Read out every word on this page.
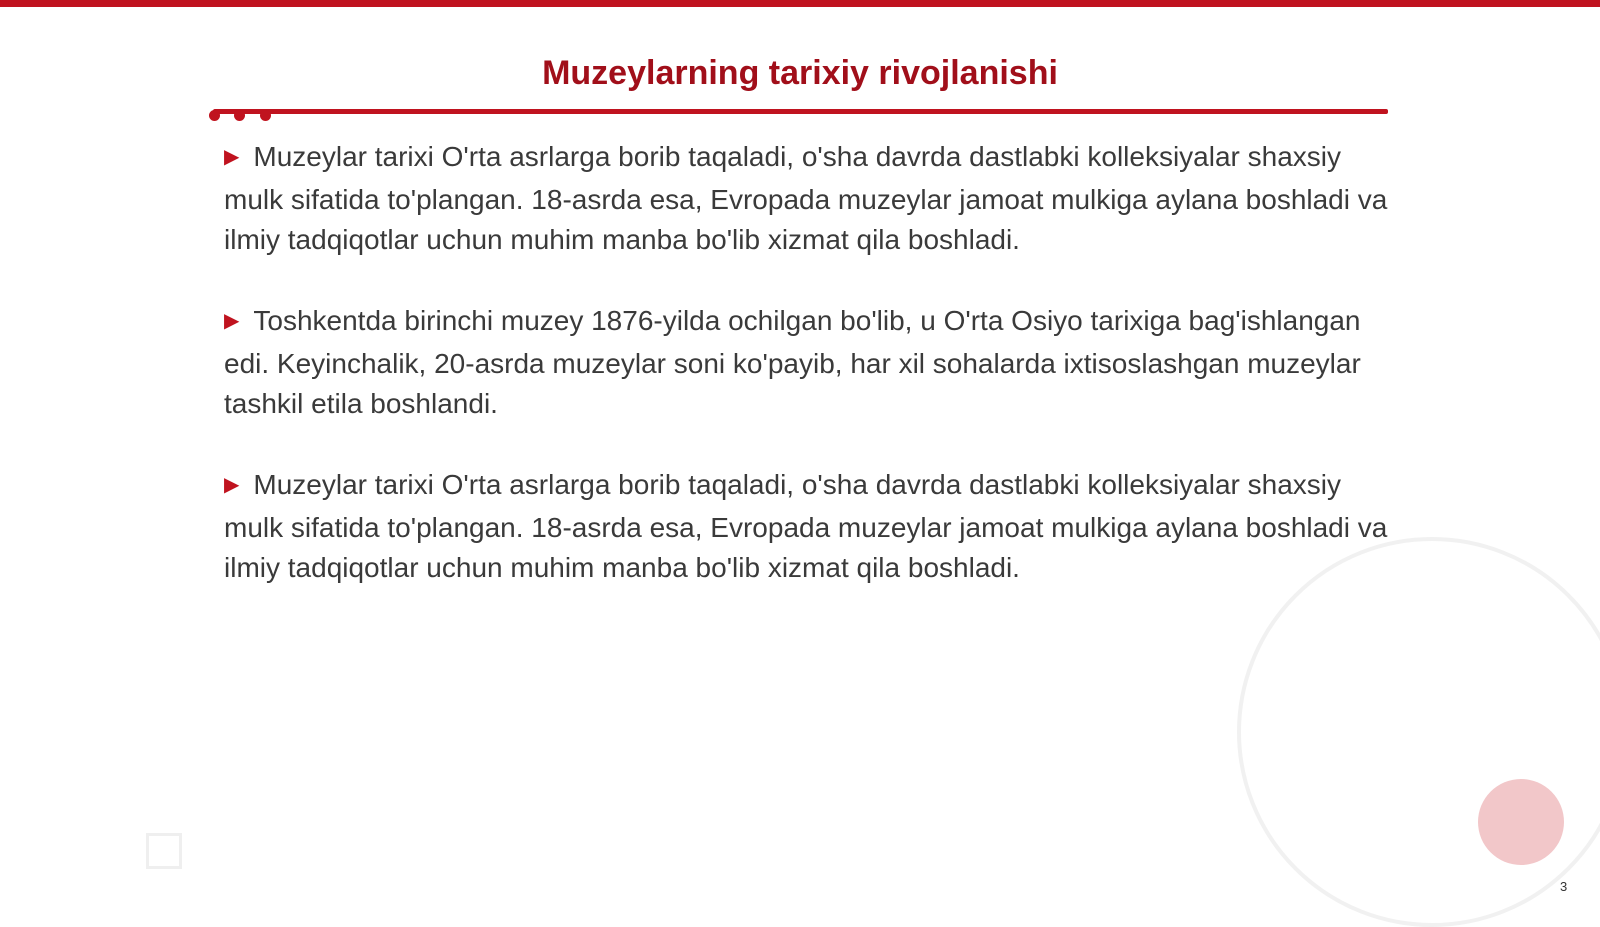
Muzeylarning tarixiy rivojlanishi

▶ Muzeylar tarixi O'rta asrlarga borib taqaladi, o'sha davrda dastlabki kolleksiyalar shaxsiy mulk sifatida to'plangan. 18-asrda esa, Evropada muzeylar jamoat mulkiga aylana boshladi va ilmiy tadqiqotlar uchun muhim manba bo'lib xizmat qila boshladi.

▶ Toshkentda birinchi muzey 1876-yilda ochilgan bo'lib, u O'rta Osiyo tarixiga bag'ishlangan edi. Keyinchalik, 20-asrda muzeylar soni ko'payib, har xil sohalarda ixtisoslashgan muzeylar tashkil etila boshlandi.

▶ Muzeylar tarixi O'rta asrlarga borib taqaladi, o'sha davrda dastlabki kolleksiyalar shaxsiy mulk sifatida to'plangan. 18-asrda esa, Evropada muzeylar jamoat mulkiga aylana boshladi va ilmiy tadqiqotlar uchun muhim manba bo'lib xizmat qila boshladi.

3
